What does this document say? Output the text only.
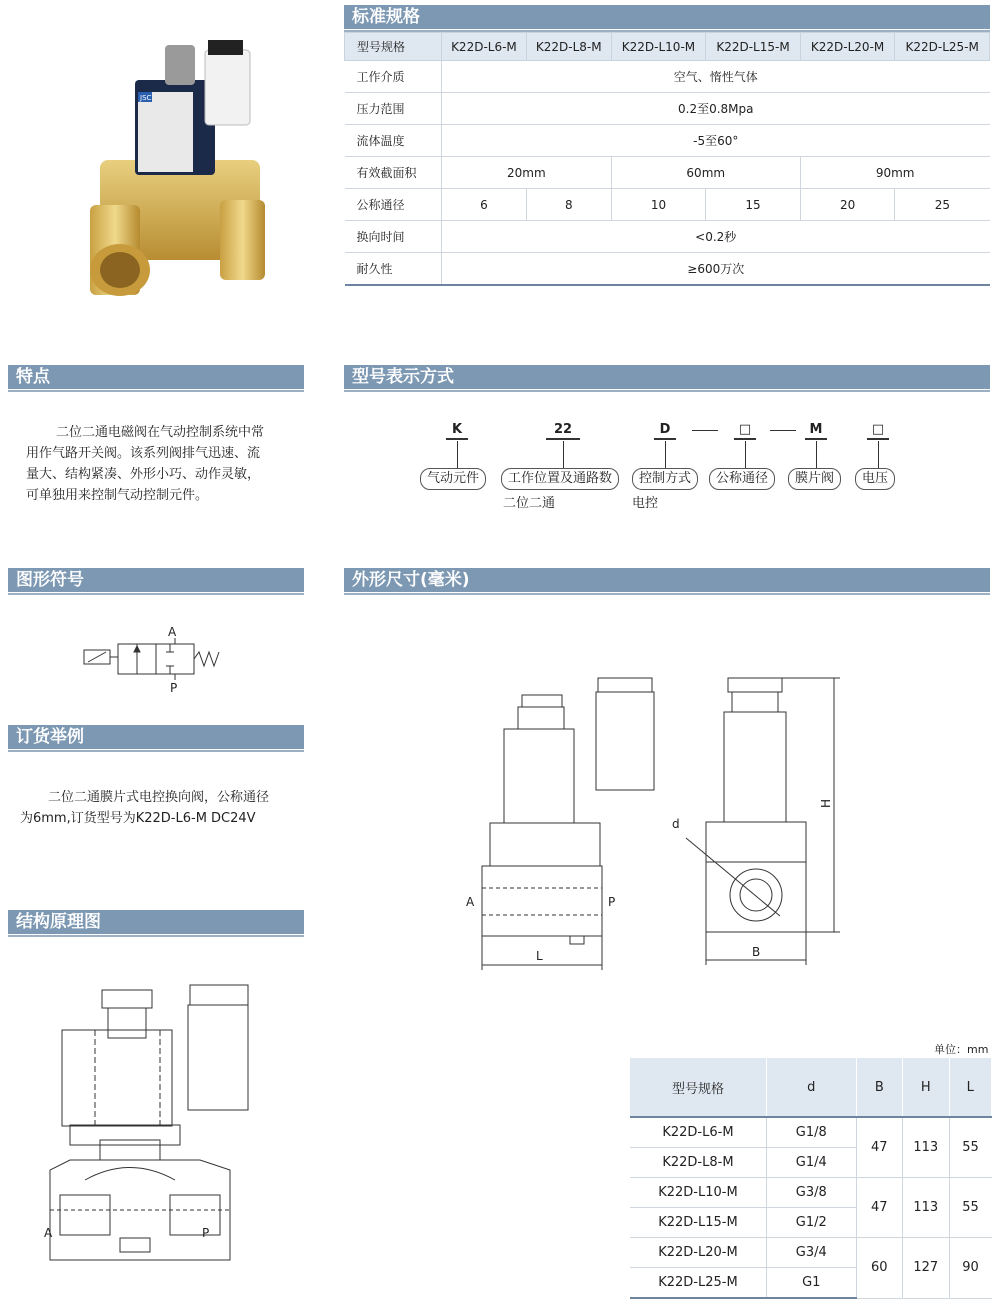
JSC
标准规格
型号规格	K22D-L6-M	K22D-L8-M	K22D-L10-M	K22D-L15-M	K22D-L20-M	K22D-L25-M
工作介质	空气、惰性气体					
压力范围	0.2至0.8Mpa					
流体温度	-5至60°					
有效截面积	20mm		60mm		90mm	
公称通径	6	8	10	15	20	25
换向时间	<0.2秒					
耐久性	≥600万次					
特点
二位二通电磁阀在气动控制系统中常
用作气路开关阀。该系列阀排气迅速、流
量大、结构紧凑、外形小巧、动作灵敏，
可单独用来控制气动控制元件。
型号表示方式
K	22	D	□	M	□
气动元件	工作位置及通路数	控制方式	公称通径	膜片阀	电压
二位二通	电控
图形符号
A
P
订货举例
二位二通膜片式电控换向阀，公称通径
为6mm,订货型号为K22D-L6-M DC24V
结构原理图
A	P
外形尺寸(毫米)
A	P
L
d
B
H
单位：mm
型号规格	d	B	H	L
K22D-L6-M	G1/8	47	113	55
K22D-L8-M	G1/4			
K22D-L10-M	G3/8	47	113	55
K22D-L15-M	G1/2			
K22D-L20-M	G3/4	60	127	90
K22D-L25-M	G1			
